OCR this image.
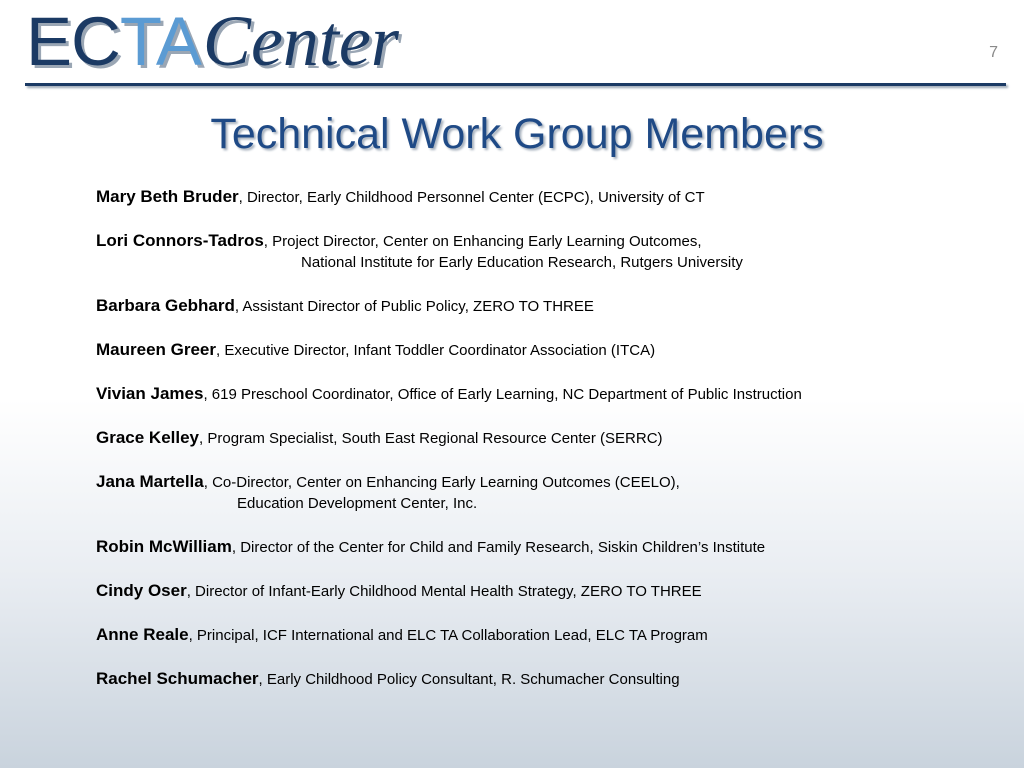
EC TA Center	7
Technical Work Group Members
Mary Beth Bruder, Director, Early Childhood Personnel Center (ECPC), University of CT
Lori Connors-Tadros, Project Director, Center on Enhancing Early Learning Outcomes,
National Institute for Early Education Research, Rutgers University
Barbara Gebhard, Assistant Director of Public Policy, ZERO TO THREE
Maureen Greer, Executive Director, Infant Toddler Coordinator Association (ITCA)
Vivian James, 619 Preschool Coordinator, Office of Early Learning, NC Department of Public Instruction
Grace Kelley, Program Specialist, South East Regional Resource Center (SERRC)
Jana Martella, Co-Director, Center on Enhancing Early Learning Outcomes (CEELO),
Education Development Center, Inc.
Robin McWilliam, Director of the Center for Child and Family Research, Siskin Children’s Institute
Cindy Oser, Director of Infant-Early Childhood Mental Health Strategy, ZERO TO THREE
Anne Reale, Principal, ICF International and ELC TA Collaboration Lead, ELC TA Program
Rachel Schumacher, Early Childhood Policy Consultant, R. Schumacher Consulting
